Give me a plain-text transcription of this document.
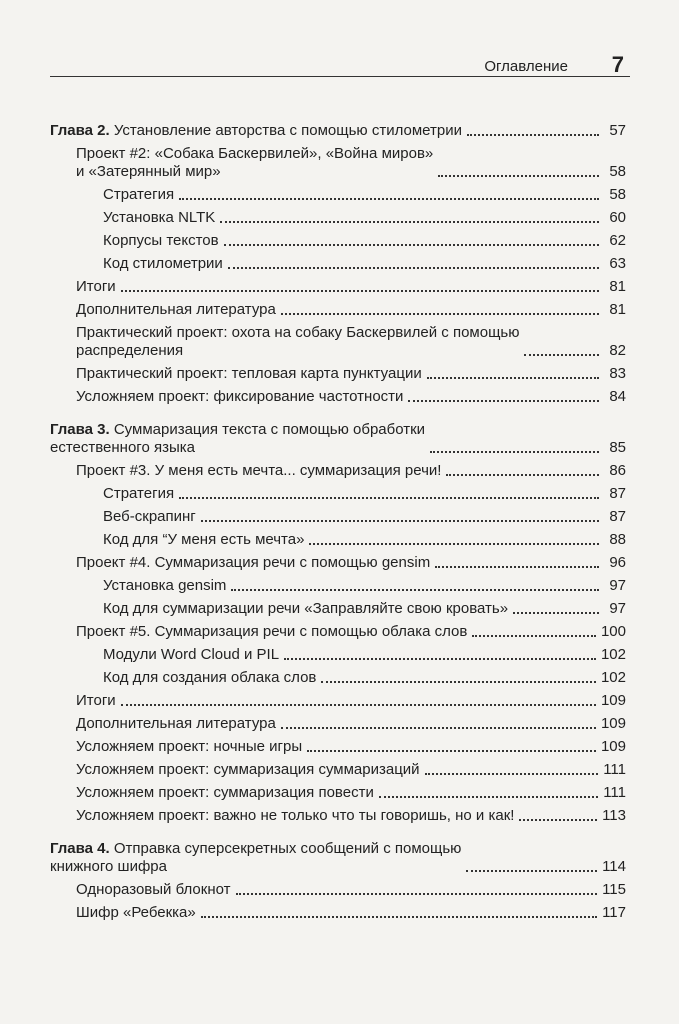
Оглавление 7
Глава 2. Установление авторства с помощью стилометрии	57
Проект #2: «Собака Баскервилей», «Война миров»
и «Затерянный мир»	58
Стратегия	58
Установка NLTK	60
Корпусы текстов	62
Код стилометрии	63
Итоги	81
Дополнительная литература	81
Практический проект: охота на собаку Баскервилей с помощью
распределения	82
Практический проект: тепловая карта пунктуации	83
Усложняем проект: фиксирование частотности	84
Глава 3. Суммаризация текста с помощью обработки
естественного языка	85
Проект #3. У меня есть мечта... суммаризация речи!	86
Стратегия	87
Веб-скрапинг	87
Код для “У меня есть мечта»	88
Проект #4. Суммаризация речи с помощью gensim	96
Установка gensim	97
Код для суммаризации речи «Заправляйте свою кровать»	97
Проект #5. Суммаризация речи с помощью облака слов	100
Модули Word Cloud и PIL	102
Код для создания облака слов	102
Итоги	109
Дополнительная литература	109
Усложняем проект: ночные игры	109
Усложняем проект: суммаризация суммаризаций	111
Усложняем проект: суммаризация повести	111
Усложняем проект: важно не только что ты говоришь, но и как!	113
Глава 4. Отправка суперсекретных сообщений с помощью
книжного шифра	114
Одноразовый блокнот	115
Шифр «Ребекка»	117
